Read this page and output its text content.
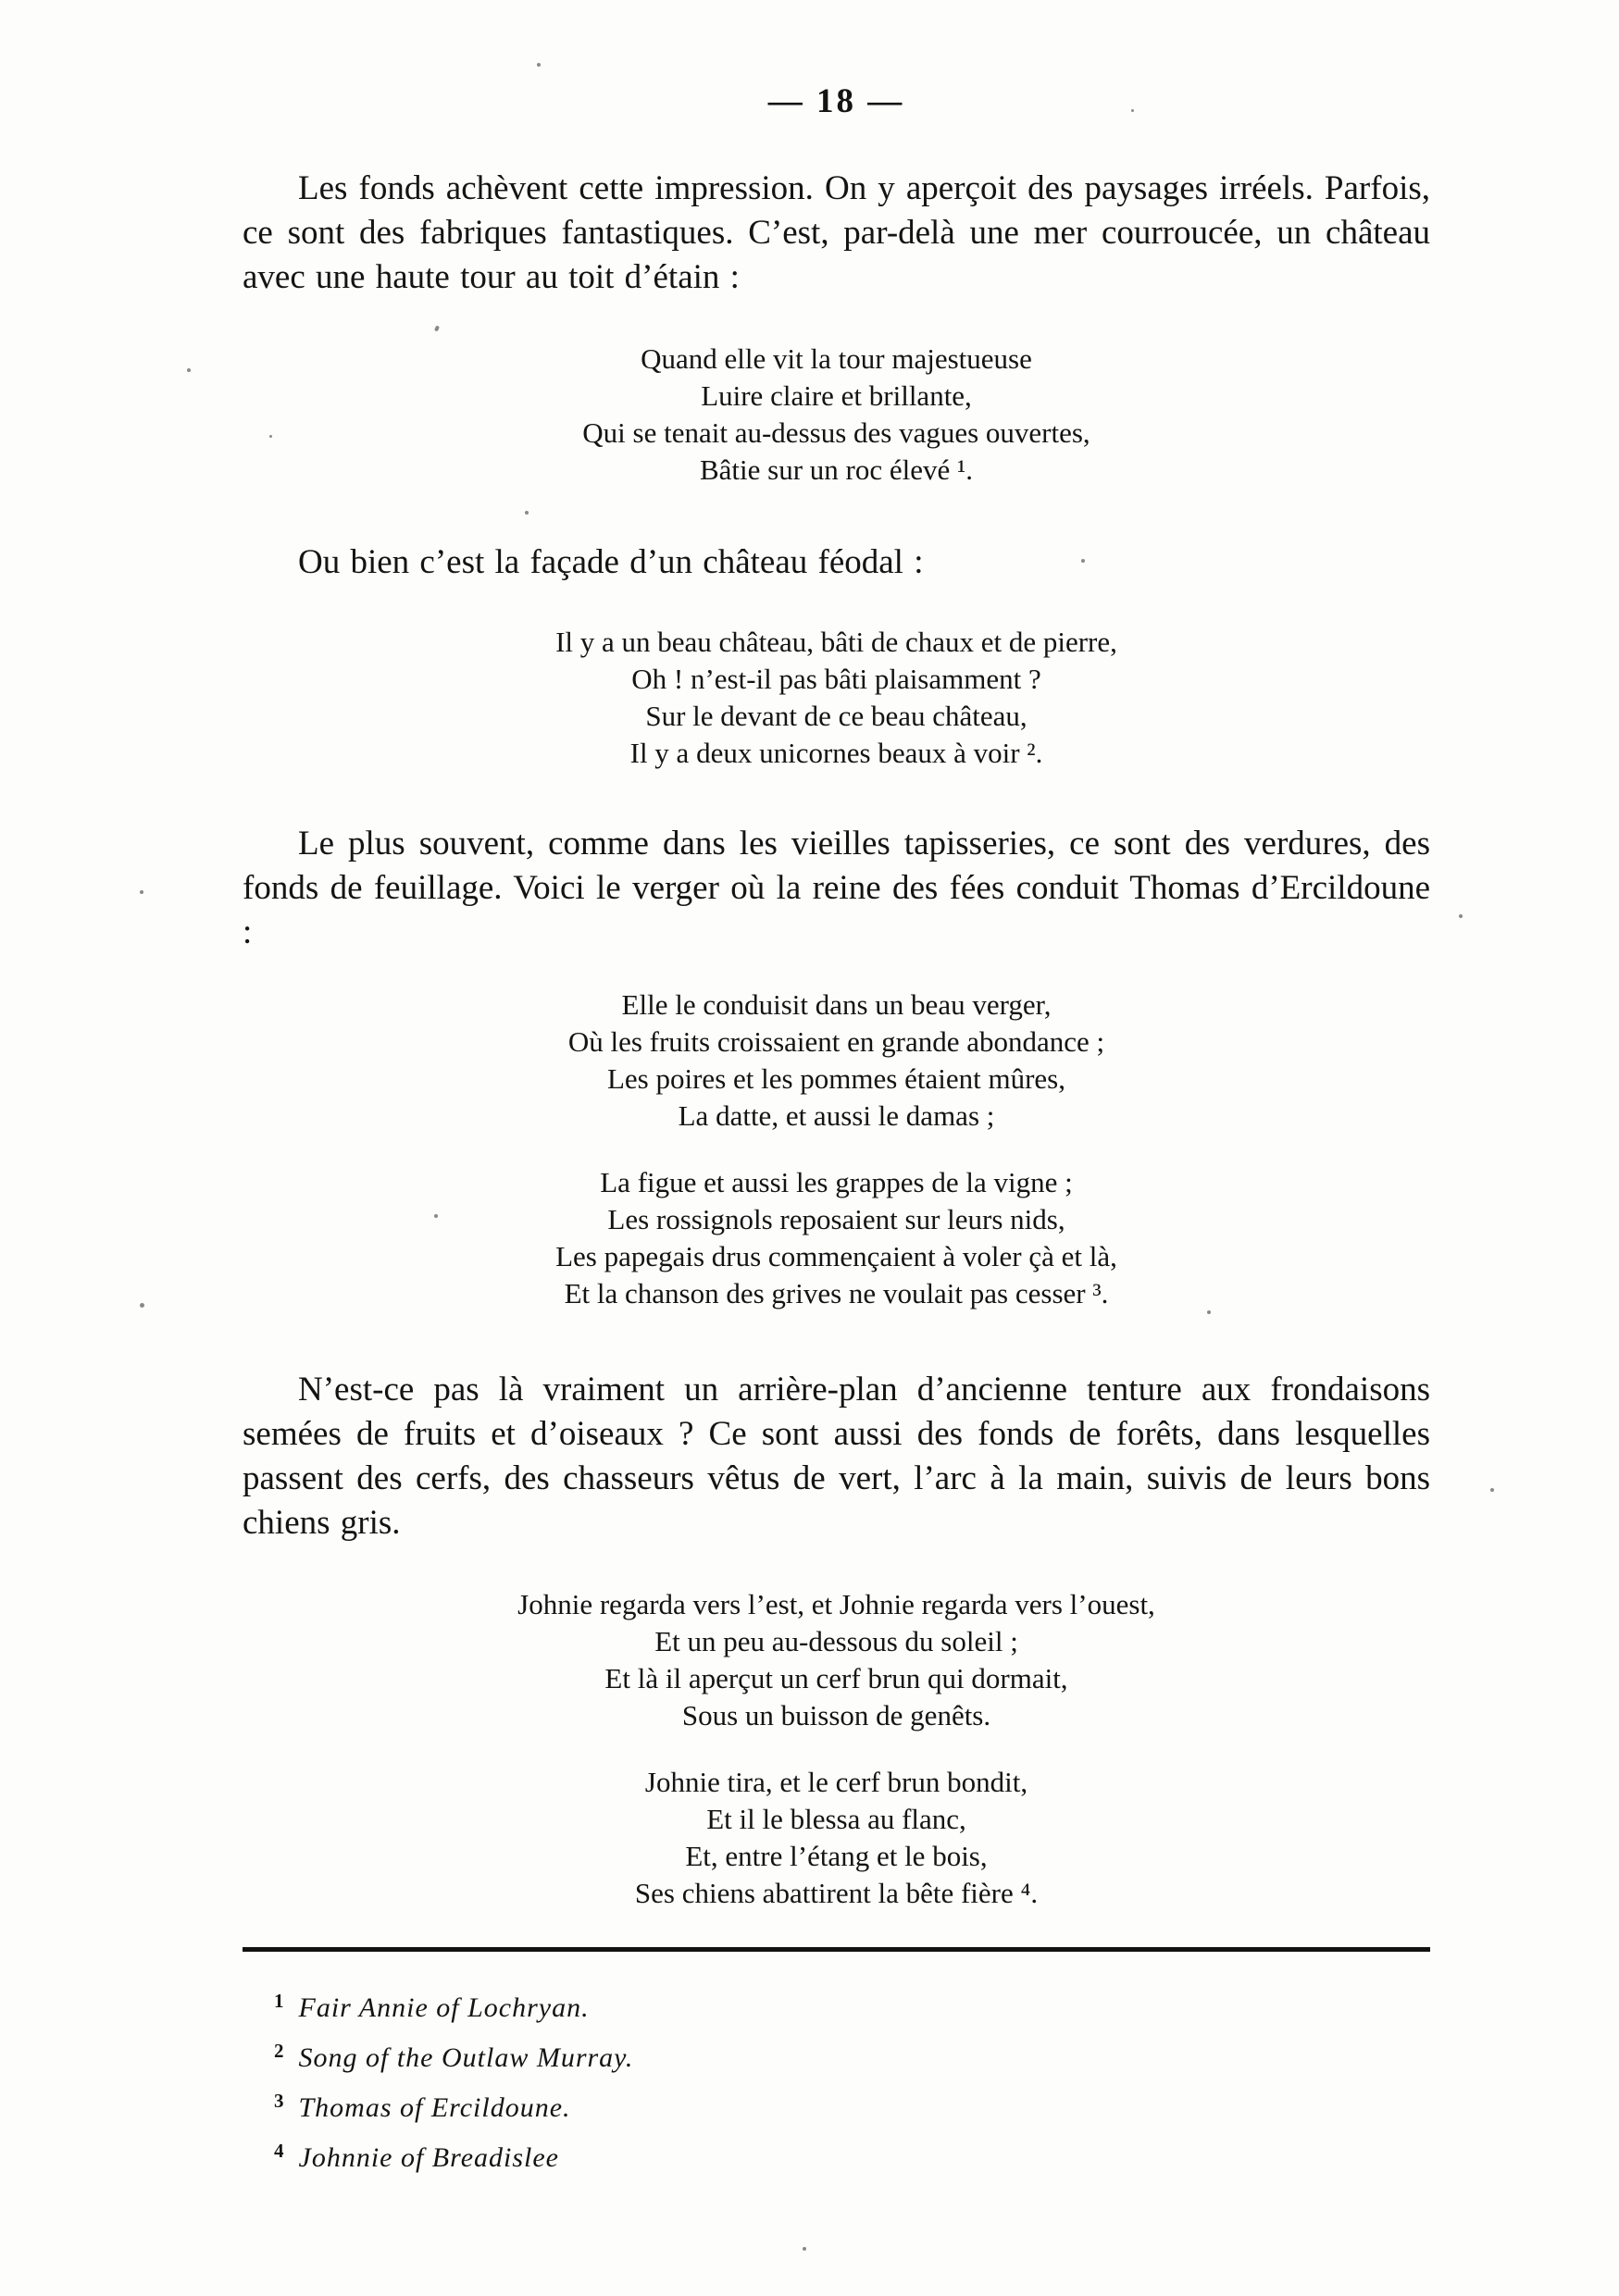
— 18 —

Les fonds achèvent cette impression. On y aperçoit des paysages irréels. Parfois, ce sont des fabriques fantastiques. C’est, par-delà une mer courroucée, un château avec une haute tour au toit d’étain :

Quand elle vit la tour majestueuse
Luire claire et brillante,
Qui se tenait au-dessus des vagues ouvertes,
Bâtie sur un roc élevé ¹.

Ou bien c’est la façade d’un château féodal :

Il y a un beau château, bâti de chaux et de pierre,
Oh ! n’est-il pas bâti plaisamment ?
Sur le devant de ce beau château,
Il y a deux unicornes beaux à voir ².

Le plus souvent, comme dans les vieilles tapisseries, ce sont des verdures, des fonds de feuillage. Voici le verger où la reine des fées conduit Thomas d’Ercildoune :

Elle le conduisit dans un beau verger,
Où les fruits croissaient en grande abondance ;
Les poires et les pommes étaient mûres,
La datte, et aussi le damas ;
La figue et aussi les grappes de la vigne ;
Les rossignols reposaient sur leurs nids,
Les papegais drus commençaient à voler çà et là,
Et la chanson des grives ne voulait pas cesser ³.

N’est-ce pas là vraiment un arrière-plan d’ancienne tenture aux frondaisons semées de fruits et d’oiseaux ? Ce sont aussi des fonds de forêts, dans lesquelles passent des cerfs, des chasseurs vêtus de vert, l’arc à la main, suivis de leurs bons chiens gris.

Johnie regarda vers l’est, et Johnie regarda vers l’ouest,
Et un peu au-dessous du soleil ;
Et là il aperçut un cerf brun qui dormait,
Sous un buisson de genêts.
Johnie tira, et le cerf brun bondit,
Et il le blessa au flanc,
Et, entre l’étang et le bois,
Ses chiens abattirent la bête fière ⁴.
$^1$ Fair Annie of Lochryan.
$^2$ Song of the Outlaw Murray.
$^3$ Thomas of Ercildoune.
$^4$ Johnnie of Breadislee
